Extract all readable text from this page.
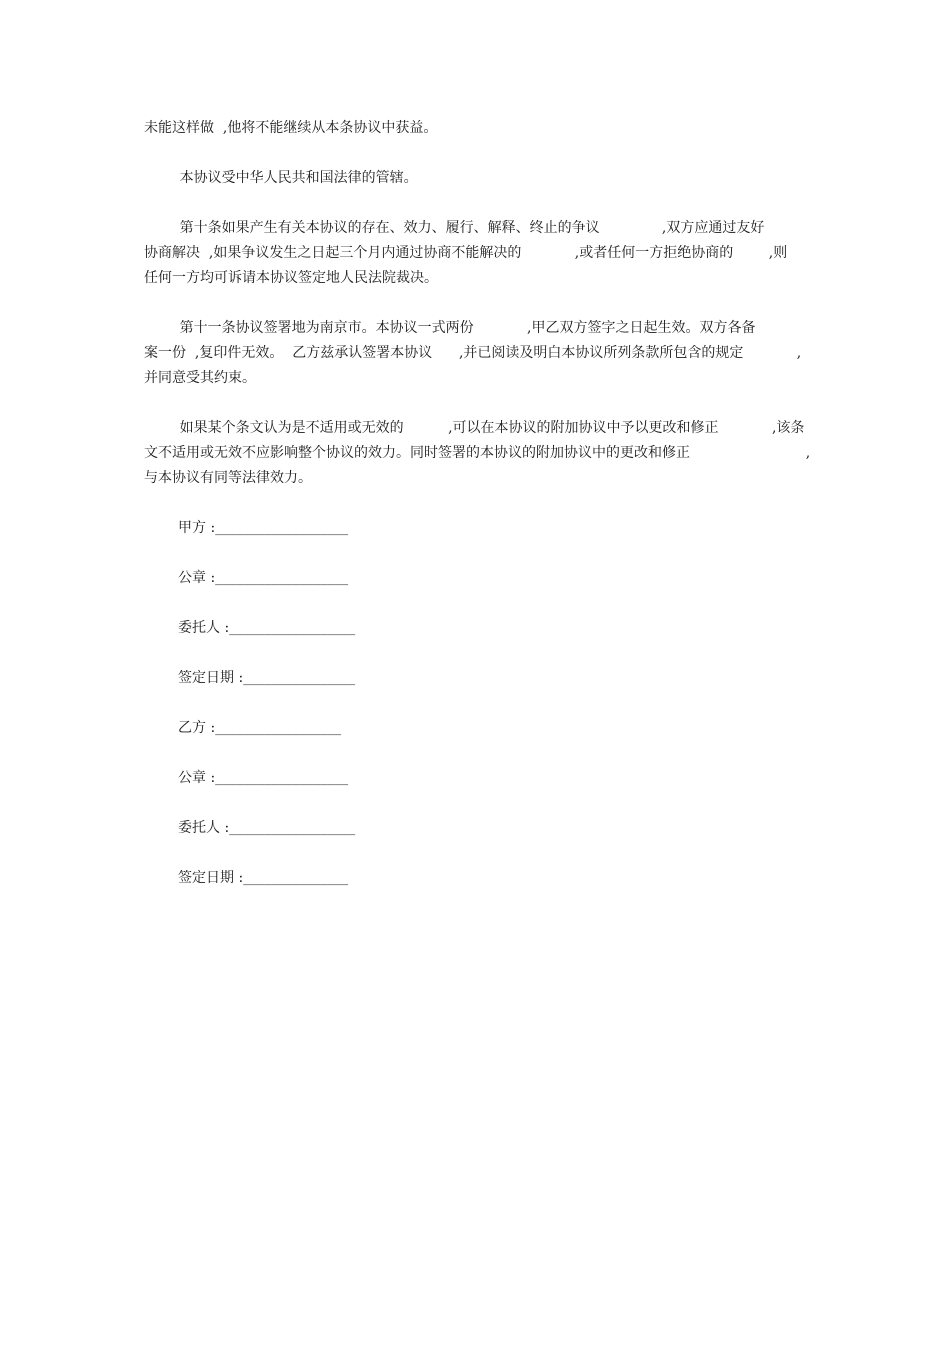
未能这样做  ,他将不能继续从本条协议中获益。

本协议受中华人民共和国法律的管辖。

第十条如果产生有关本协议的存在、效力、履行、解释、终止的争议              ,双方应通过友好

协商解决  ,如果争议发生之日起三个月内通过协商不能解决的            ,或者任何一方拒绝协商的        ,则

任何一方均可诉请本协议签定地人民法院裁决。

第十一条协议签署地为南京市。本协议一式两份            ,甲乙双方签字之日起生效。双方各备

案一份  ,复印件无效。  乙方兹承认签署本协议      ,并已阅读及明白本协议所列条款所包含的规定            ,

并同意受其约束。

如果某个条文认为是不适用或无效的          ,可以在本协议的附加协议中予以更改和修正            ,该条

文不适用或无效不应影响整个协议的效力。同时签署的本协议的附加协议中的更改和修正                          ,

与本协议有同等法律效力。

甲方 :___________________

公章 :___________________

委托人 :__________________

签定日期 :________________

乙方 :__________________

公章 :___________________

委托人 :__________________

签定日期 :_______________
